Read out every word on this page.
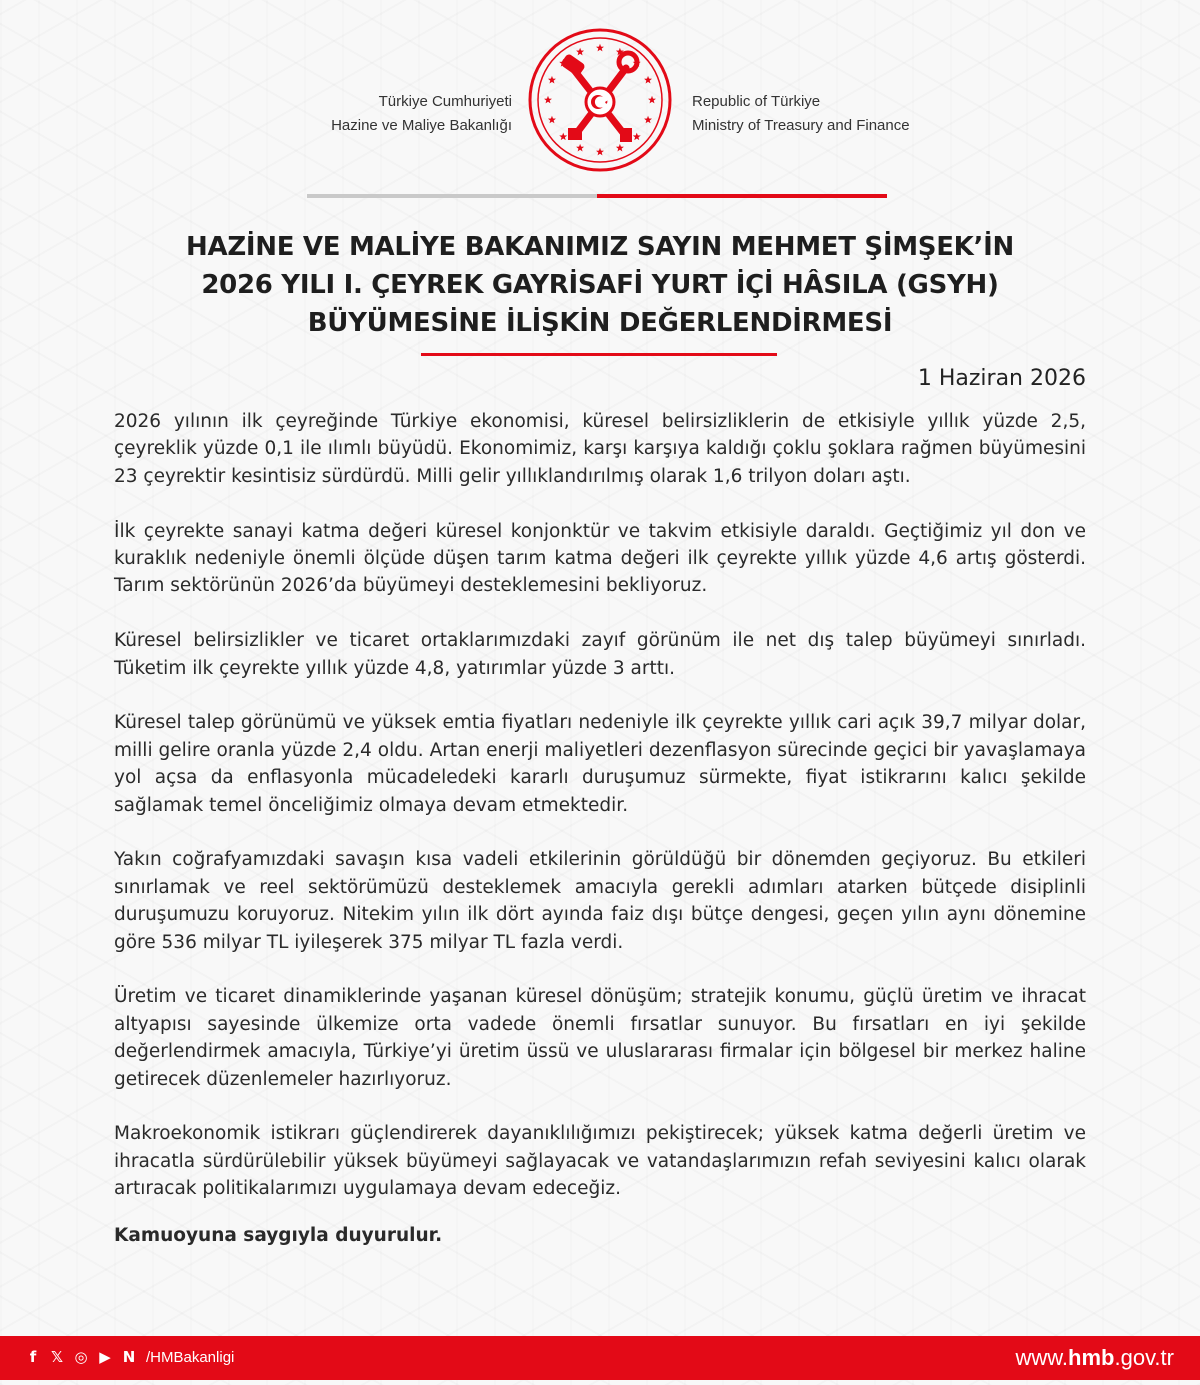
Türkiye Cumhuriyeti
Hazine ve Maliye Bakanlığı
Republic of Türkiye
Ministry of Treasury and Finance
HAZİNE VE MALİYE BAKANIMIZ SAYIN MEHMET ŞİMŞEK’İN
2026 YILI I. ÇEYREK GAYRİSAFİ YURT İÇİ HÂSILA (GSYH)
BÜYÜMESİNE İLİŞKİN DEĞERLENDİRMESİ
1 Haziran 2026

2026 yılının ilk çeyreğinde Türkiye ekonomisi, küresel belirsizliklerin de etkisiyle yıllık yüzde 2,5, çeyreklik yüzde 0,1 ile ılımlı büyüdü. Ekonomimiz, karşı karşıya kaldığı çoklu şoklara rağmen büyümesini 23 çeyrektir kesintisiz sürdürdü. Milli gelir yıllıklandırılmış olarak 1,6 trilyon doları aştı.

İlk çeyrekte sanayi katma değeri küresel konjonktür ve takvim etkisiyle daraldı. Geçtiğimiz yıl don ve kuraklık nedeniyle önemli ölçüde düşen tarım katma değeri ilk çeyrekte yıllık yüzde 4,6 artış gösterdi. Tarım sektörünün 2026’da büyümeyi desteklemesini bekliyoruz.

Küresel belirsizlikler ve ticaret ortaklarımızdaki zayıf görünüm ile net dış talep büyümeyi sınırladı. Tüketim ilk çeyrekte yıllık yüzde 4,8, yatırımlar yüzde 3 arttı.

Küresel talep görünümü ve yüksek emtia fiyatları nedeniyle ilk çeyrekte yıllık cari açık 39,7 milyar dolar, milli gelire oranla yüzde 2,4 oldu. Artan enerji maliyetleri dezenflasyon sürecinde geçici bir yavaşlamaya yol açsa da enflasyonla mücadeledeki kararlı duruşumuz sürmekte, fiyat istikrarını kalıcı şekilde sağlamak temel önceliğimiz olmaya devam etmektedir.

Yakın coğrafyamızdaki savaşın kısa vadeli etkilerinin görüldüğü bir dönemden geçiyoruz. Bu etkileri sınırlamak ve reel sektörümüzü desteklemek amacıyla gerekli adımları atarken bütçede disiplinli duruşumuzu koruyoruz. Nitekim yılın ilk dört ayında faiz dışı bütçe dengesi, geçen yılın aynı dönemine göre 536 milyar TL iyileşerek 375 milyar TL fazla verdi.

Üretim ve ticaret dinamiklerinde yaşanan küresel dönüşüm; stratejik konumu, güçlü üretim ve ihracat altyapısı sayesinde ülkemize orta vadede önemli fırsatlar sunuyor. Bu fırsatları en iyi şekilde değerlendirmek amacıyla, Türkiye’yi üretim üssü ve uluslararası firmalar için bölgesel bir merkez haline getirecek düzenlemeler hazırlıyoruz.

Makroekonomik istikrarı güçlendirerek dayanıklılığımızı pekiştirecek; yüksek katma değerli üretim ve ihracatla sürdürülebilir yüksek büyümeyi sağlayacak ve vatandaşlarımızın refah seviyesini kalıcı olarak artıracak politikalarımızı uygulamaya devam edeceğiz.

Kamuoyuna saygıyla duyurulur.

f 𝕏 ◎ ▶ N /HMBakanligi	www.hmb.gov.tr
